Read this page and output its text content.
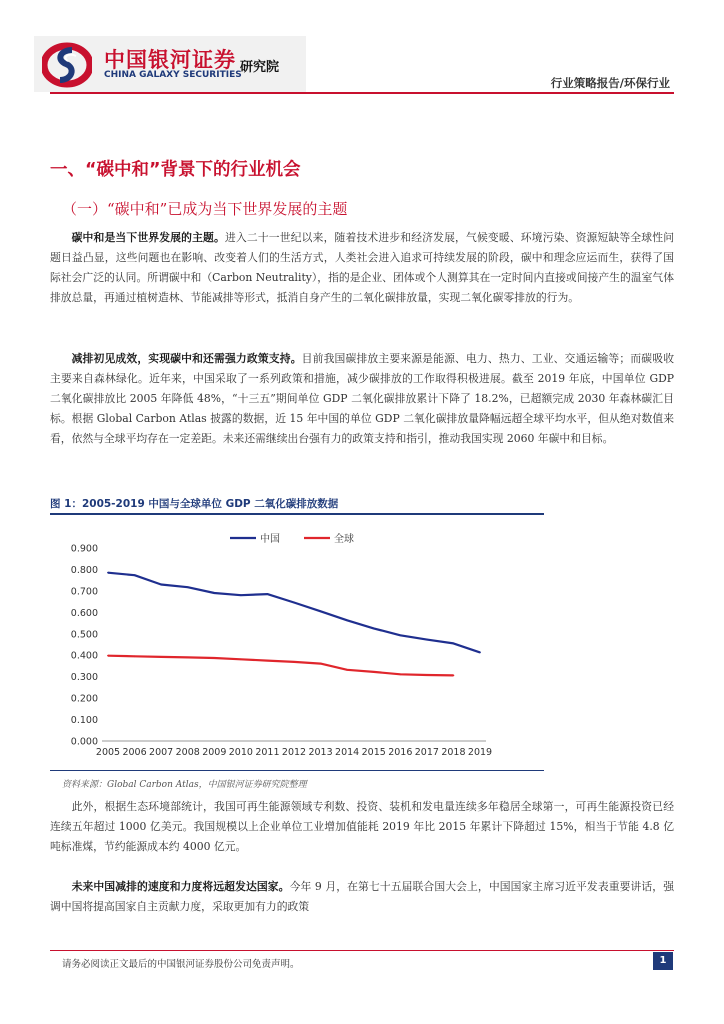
中国银河证券
CHINA GALAXY SECURITIES
研究院
行业策略报告/环保行业
一、“碳中和”背景下的行业机会
（一）“碳中和”已成为当下世界发展的主题
碳中和是当下世界发展的主题。进入二十一世纪以来，随着技术进步和经济发展，气候变暖、环境污染、资源短缺等全球性问题日益凸显，这些问题也在影响、改变着人们的生活方式，人类社会进入追求可持续发展的阶段，碳中和理念应运而生，获得了国际社会广泛的认同。所谓碳中和（Carbon Neutrality），指的是企业、团体或个人测算其在一定时间内直接或间接产生的温室气体排放总量，再通过植树造林、节能减排等形式，抵消自身产生的二氧化碳排放量，实现二氧化碳零排放的行为。
减排初见成效，实现碳中和还需强力政策支持。目前我国碳排放主要来源是能源、电力、热力、工业、交通运输等；而碳吸收主要来自森林绿化。近年来，中国采取了一系列政策和措施，减少碳排放的工作取得积极进展。截至 2019 年底，中国单位 GDP 二氧化碳排放比 2005 年降低 48%，“十三五”期间单位 GDP 二氧化碳排放累计下降了 18.2%，已超额完成 2030 年森林碳汇目标。根据 Global Carbon Atlas 披露的数据，近 15 年中国的单位 GDP 二氧化碳排放量降幅远超全球平均水平，但从绝对数值来看，依然与全球平均存在一定差距。未来还需继续出台强有力的政策支持和指引，推动我国实现 2060 年碳中和目标。
图 1：2005-2019 中国与全球单位 GDP 二氧化碳排放数据
中国	全球
0.000
0.100
0.200
0.300
0.400
0.500
0.600
0.700
0.800
0.900
2005 2006 2007 2008 2009 2010 2011 2012 2013 2014 2015 2016 2017 2018 2019
资料来源：Global Carbon Atlas，中国银河证券研究院整理
此外，根据生态环境部统计，我国可再生能源领域专利数、投资、装机和发电量连续多年稳居全球第一，可再生能源投资已经连续五年超过 1000 亿美元。我国规模以上企业单位工业增加值能耗 2019 年比 2015 年累计下降超过 15%，相当于节能 4.8 亿吨标准煤，节约能源成本约 4000 亿元。
未来中国减排的速度和力度将远超发达国家。今年 9 月，在第七十五届联合国大会上，中国国家主席习近平发表重要讲话，强调中国将提高国家自主贡献力度，采取更加有力的政策
请务必阅读正文最后的中国银河证券股份公司免责声明。	1
